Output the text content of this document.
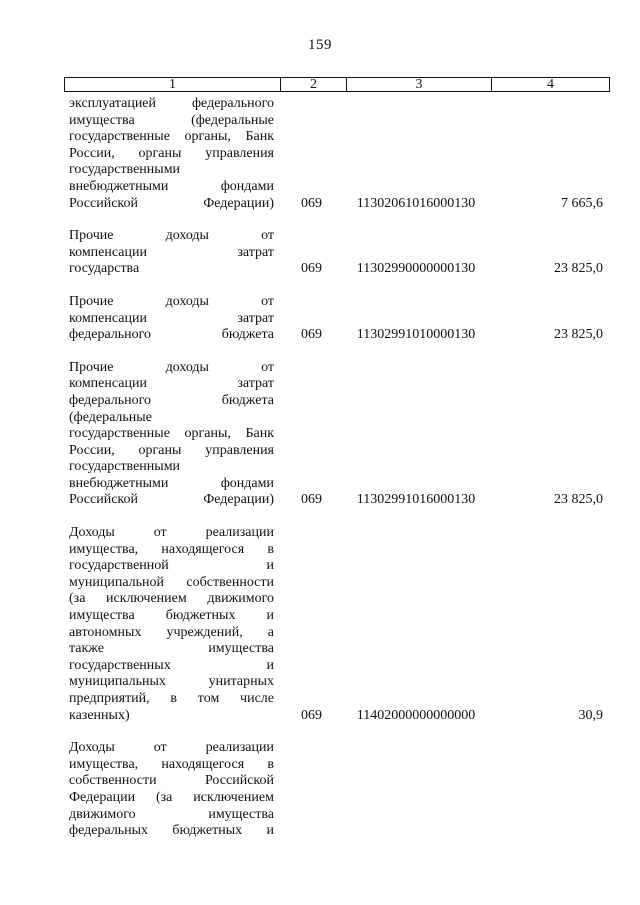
159
1	2	3	4
эксплуатацией федерального
имущества (федеральные
государственные органы, Банк
России, органы управления
государственными
внебюджетными фондами
Российской Федерации)	069	11302061016000130	7 665,6
Прочие доходы от
компенсации затрат
государства	069	11302990000000130	23 825,0
Прочие доходы от
компенсации затрат
федерального бюджета	069	11302991010000130	23 825,0
Прочие доходы от
компенсации затрат
федерального бюджета
(федеральные
государственные органы, Банк
России, органы управления
государственными
внебюджетными фондами
Российской Федерации)	069	11302991016000130	23 825,0
Доходы от реализации
имущества, находящегося в
государственной и
муниципальной собственности
(за исключением движимого
имущества бюджетных и
автономных учреждений, а
также имущества
государственных и
муниципальных унитарных
предприятий, в том числе
казенных)	069	11402000000000000	30,9
Доходы от реализации
имущества, находящегося в
собственности Российской
Федерации (за исключением
движимого имущества
федеральных бюджетных и
